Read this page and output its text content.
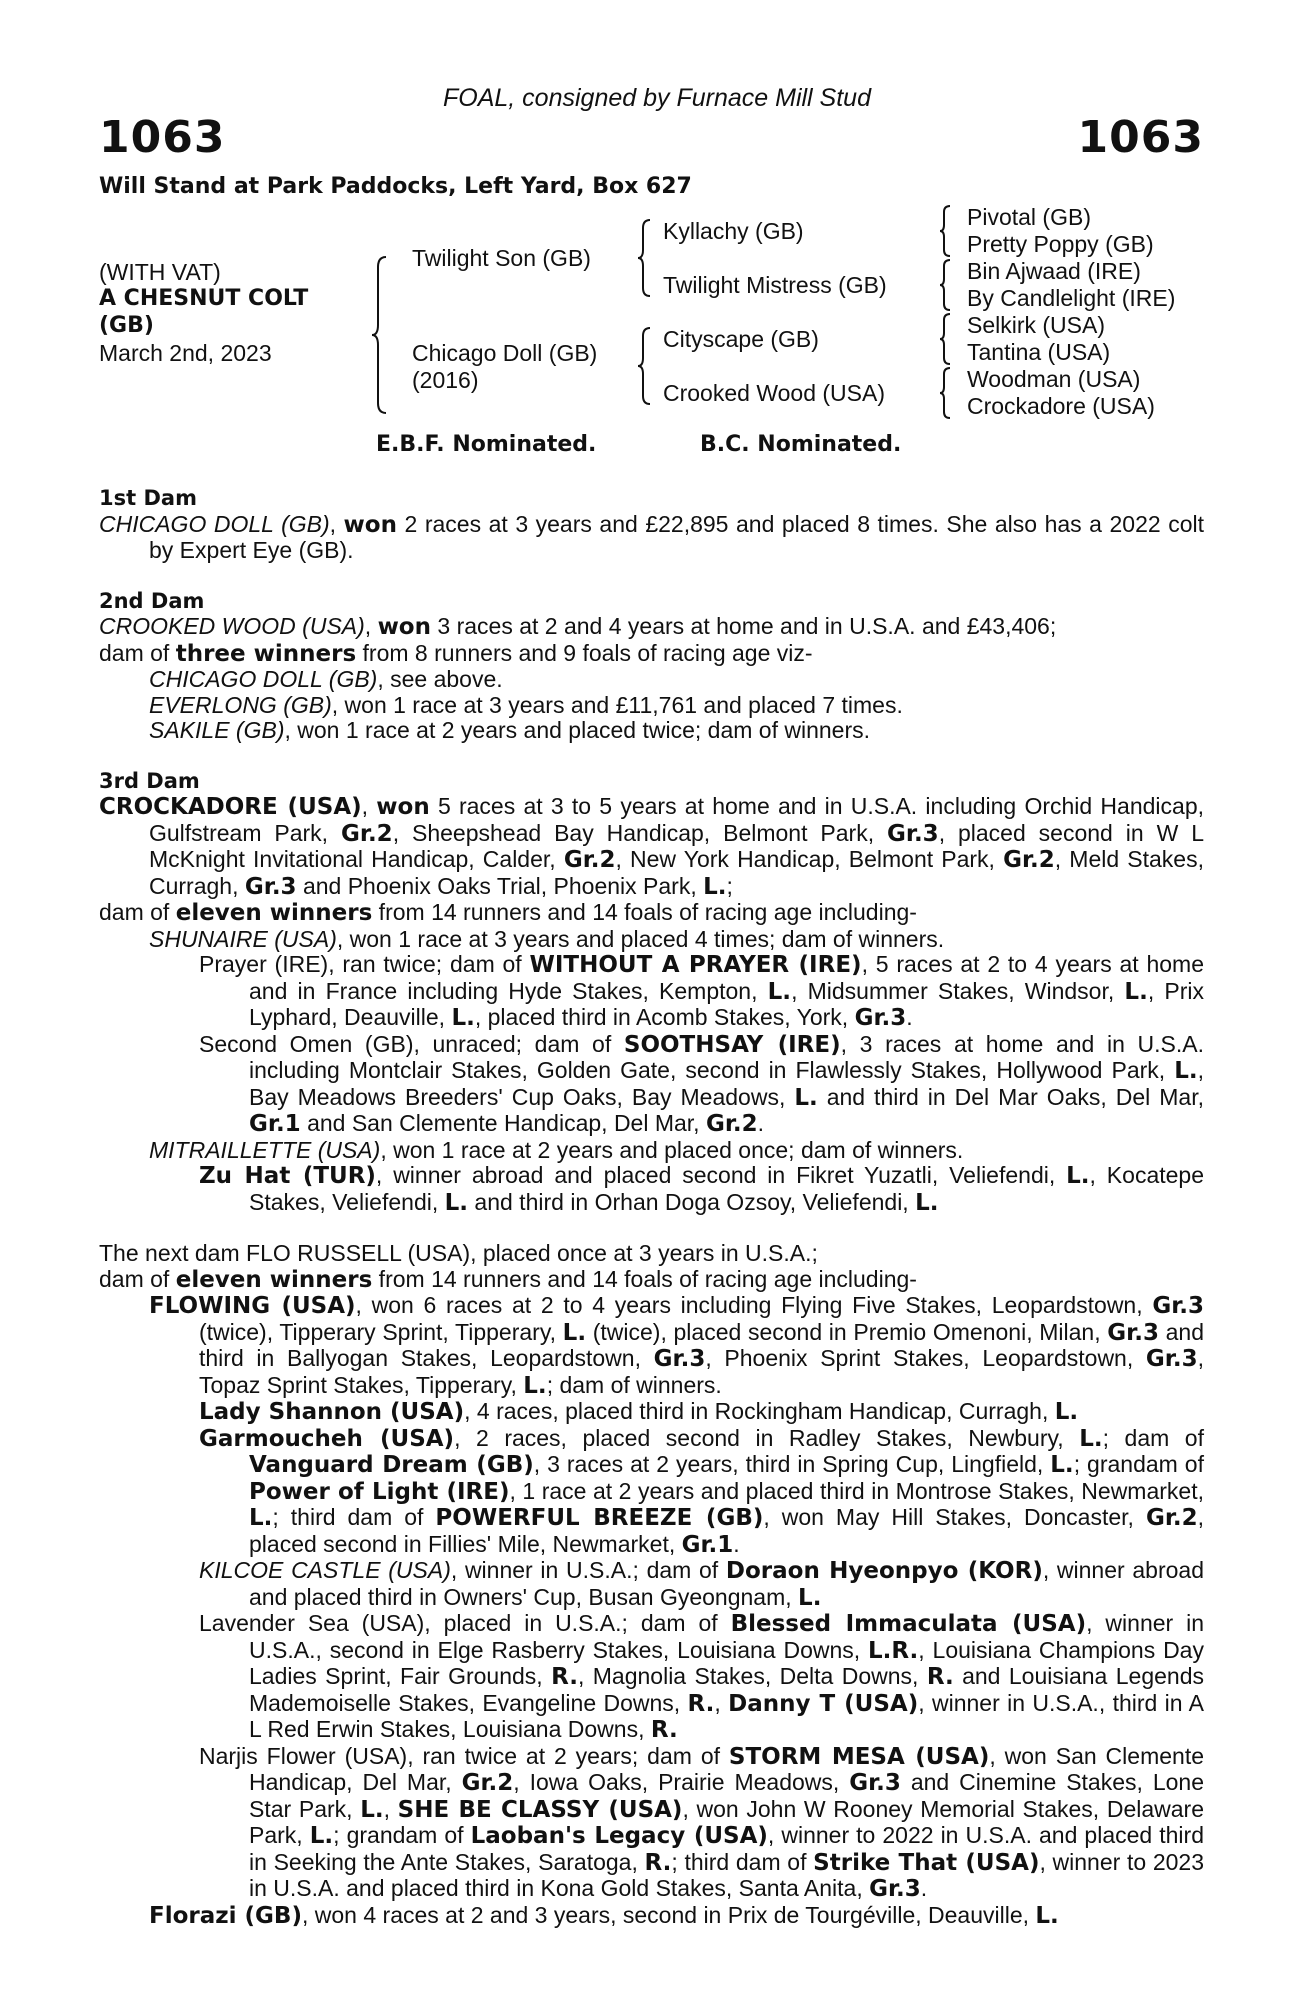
FOAL, consigned by Furnace Mill Stud
1063	1063
Will Stand at Park Paddocks, Left Yard, Box 627
(WITH VAT)
A CHESNUT COLT
(GB)
March 2nd, 2023
Twilight Son (GB)
Chicago Doll (GB)
(2016)
Kyllachy (GB)
Twilight Mistress (GB)
Cityscape (GB)
Crooked Wood (USA)
Pivotal (GB)
Pretty Poppy (GB)
Bin Ajwaad (IRE)
By Candlelight (IRE)
Selkirk (USA)
Tantina (USA)
Woodman (USA)
Crockadore (USA)
E.B.F. Nominated.	B.C. Nominated.
1st Dam

CHICAGO DOLL (GB), won 2 races at 3 years and £22,895 and placed 8 times. She also has a 2022 colt by Expert Eye (GB).

2nd Dam

CROOKED WOOD (USA), won 3 races at 2 and 4 years at home and in U.S.A. and £43,406;

dam of three winners from 8 runners and 9 foals of racing age viz-

CHICAGO DOLL (GB), see above.

EVERLONG (GB), won 1 race at 3 years and £11,761 and placed 7 times.

SAKILE (GB), won 1 race at 2 years and placed twice; dam of winners.

3rd Dam

CROCKADORE (USA), won 5 races at 3 to 5 years at home and in U.S.A. including Orchid Handicap, Gulfstream Park, Gr.2, Sheepshead Bay Handicap, Belmont Park, Gr.3, placed second in W L McKnight Invitational Handicap, Calder, Gr.2, New York Handicap, Belmont Park, Gr.2, Meld Stakes, Curragh, Gr.3 and Phoenix Oaks Trial, Phoenix Park, L.;

dam of eleven winners from 14 runners and 14 foals of racing age including-

SHUNAIRE (USA), won 1 race at 3 years and placed 4 times; dam of winners.

Prayer (IRE), ran twice; dam of WITHOUT A PRAYER (IRE), 5 races at 2 to 4 years at home and in France including Hyde Stakes, Kempton, L., Midsummer Stakes, Windsor, L., Prix Lyphard, Deauville, L., placed third in Acomb Stakes, York, Gr.3.

Second Omen (GB), unraced; dam of SOOTHSAY (IRE), 3 races at home and in U.S.A. including Montclair Stakes, Golden Gate, second in Flawlessly Stakes, Hollywood Park, L., Bay Meadows Breeders' Cup Oaks, Bay Meadows, L. and third in Del Mar Oaks, Del Mar, Gr.1 and San Clemente Handicap, Del Mar, Gr.2.

MITRAILLETTE (USA), won 1 race at 2 years and placed once; dam of winners.

Zu Hat (TUR), winner abroad and placed second in Fikret Yuzatli, Veliefendi, L., Kocatepe Stakes, Veliefendi, L. and third in Orhan Doga Ozsoy, Veliefendi, L.

The next dam FLO RUSSELL (USA), placed once at 3 years in U.S.A.;

dam of eleven winners from 14 runners and 14 foals of racing age including-

FLOWING (USA), won 6 races at 2 to 4 years including Flying Five Stakes, Leopardstown, Gr.3 (twice), Tipperary Sprint, Tipperary, L. (twice), placed second in Premio Omenoni, Milan, Gr.3 and third in Ballyogan Stakes, Leopardstown, Gr.3, Phoenix Sprint Stakes, Leopardstown, Gr.3, Topaz Sprint Stakes, Tipperary, L.; dam of winners.

Lady Shannon (USA), 4 races, placed third in Rockingham Handicap, Curragh, L.

Garmoucheh (USA), 2 races, placed second in Radley Stakes, Newbury, L.; dam of Vanguard Dream (GB), 3 races at 2 years, third in Spring Cup, Lingfield, L.; grandam of Power of Light (IRE), 1 race at 2 years and placed third in Montrose Stakes, Newmarket, L.; third dam of POWERFUL BREEZE (GB), won May Hill Stakes, Doncaster, Gr.2, placed second in Fillies' Mile, Newmarket, Gr.1.

KILCOE CASTLE (USA), winner in U.S.A.; dam of Doraon Hyeonpyo (KOR), winner abroad and placed third in Owners' Cup, Busan Gyeongnam, L.

Lavender Sea (USA), placed in U.S.A.; dam of Blessed Immaculata (USA), winner in U.S.A., second in Elge Rasberry Stakes, Louisiana Downs, L.R., Louisiana Champions Day Ladies Sprint, Fair Grounds, R., Magnolia Stakes, Delta Downs, R. and Louisiana Legends Mademoiselle Stakes, Evangeline Downs, R., Danny T (USA), winner in U.S.A., third in A L Red Erwin Stakes, Louisiana Downs, R.

Narjis Flower (USA), ran twice at 2 years; dam of STORM MESA (USA), won San Clemente Handicap, Del Mar, Gr.2, Iowa Oaks, Prairie Meadows, Gr.3 and Cinemine Stakes, Lone Star Park, L., SHE BE CLASSY (USA), won John W Rooney Memorial Stakes, Delaware Park, L.; grandam of Laoban's Legacy (USA), winner to 2022 in U.S.A. and placed third in Seeking the Ante Stakes, Saratoga, R.; third dam of Strike That (USA), winner to 2023 in U.S.A. and placed third in Kona Gold Stakes, Santa Anita, Gr.3.

Florazi (GB), won 4 races at 2 and 3 years, second in Prix de Tourgéville, Deauville, L.
